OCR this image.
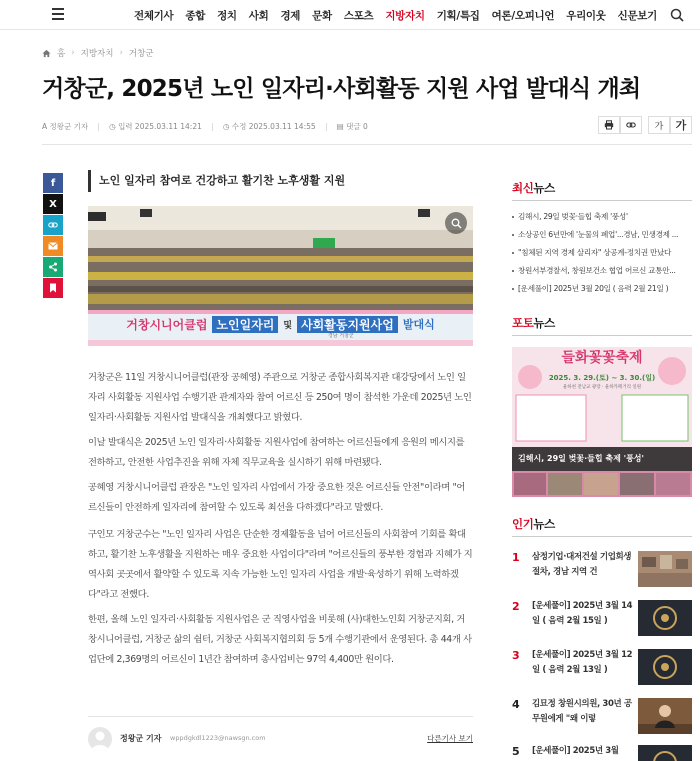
전체기사 종합 정치 사회 경제 문화 스포츠 지방자치 기획/특집 여론/오피니언 우리이웃 신문보기
홈 › 지방자치 › 거창군
거창군, 2025년 노인 일자리·사회활동 지원 사업 발대식 개최
A 정왕군 기자	◷ 입력 2025.03.11 14:21	◷ 수정 2025.03.11 14:55	▤ 댓글 0	가	가
f
X
노인 일자리 참여로 건강하고 활기찬 노후생활 지원
거창시니어클럽 노인일자리	및 사회활동지원사업 발대식
경남 거창군

거창군은 11일 거창시니어클럽(관장 공혜영) 주관으로 거창군 종합사회복지관 대강당에서 노인 일자리 사회활동 지원사업 수행기관 관계자와 참여 어르신 등 250여 명이 참석한 가운데 2025년 노인 일자리·사회활동 지원사업 발대식을 개최했다고 밝혔다.

이날 발대식은 2025년 노인 일자리·사회활동 지원사업에 참여하는 어르신들에게 응원의 메시지를 전하하고, 안전한 사업추진을 위해 자체 직무교육을 실시하기 위해 마련됐다.

공혜영 거창시니어클럽 관장은 "노인 일자리 사업에서 가장 중요한 것은 어르신들 안전"이라며 "어르신들이 안전하게 일자리에 참여할 수 있도록 최선을 다하겠다"라고 말했다.

구인모 거창군수는 "노인 일자리 사업은 단순한 경제활동을 넘어 어르신들의 사회참여 기회를 확대하고, 활기찬 노후생활을 지원하는 매우 중요한 사업이다"라며 "어르신들의 풍부한 경험과 지혜가 지역사회 곳곳에서 활약할 수 있도록 지속 가능한 노인 일자리 사업을 개발·육성하기 위해 노력하겠다"라고 전했다.

한편, 올해 노인 일자리·사회활동 지원사업은 군 직영사업을 비롯해 (사)대한노인회 거창군지회, 거창시니어클럽, 거창군 삶의 쉼터, 거창군 사회복지협의회 등 5개 수행기관에서 운영된다. 총 44개 사업단에 2,369명의 어르신이 1년간 참여하며 총사업비는 97억 4,400만 원이다.

정왕군 기자 wppdgkdl1223@nawsgn.com	다른기사 보기
최신뉴스
김해시, 29일 벚꽃·들힙 축제 '풍성'
소상공인 6년만에 '눈물의 폐업'...경남, 민생경제 ...
"침체된 지역 경제 살리자" 상공계-정치권 만났다
창원서부경찰서, 창원보건소 협업 어르신 교통안...
[운세풀이] 2025년 3월 20일 ( 음력 2월 21일 )
포토뉴스
들화꽃꽃축제
2025. 3. 29.(토) ~ 3. 30.(일)
율하천 전남교 광장 · 율하카페거리 일원
김해시, 29일 벚꽃·들힙 축제 '풍성'
인기뉴스
1 삼정기업·대저건설 기업회생 절차, 경남 지역 건
2 [운세풀이] 2025년 3월 14일 ( 음력 2월 15일 )
3 [운세풀이] 2025년 3월 12일 ( 음력 2월 13일 )
4 김묘정 창원시의원, 30년 공무원에게 "왜 이렇
5 [운세풀이] 2025년 3월
